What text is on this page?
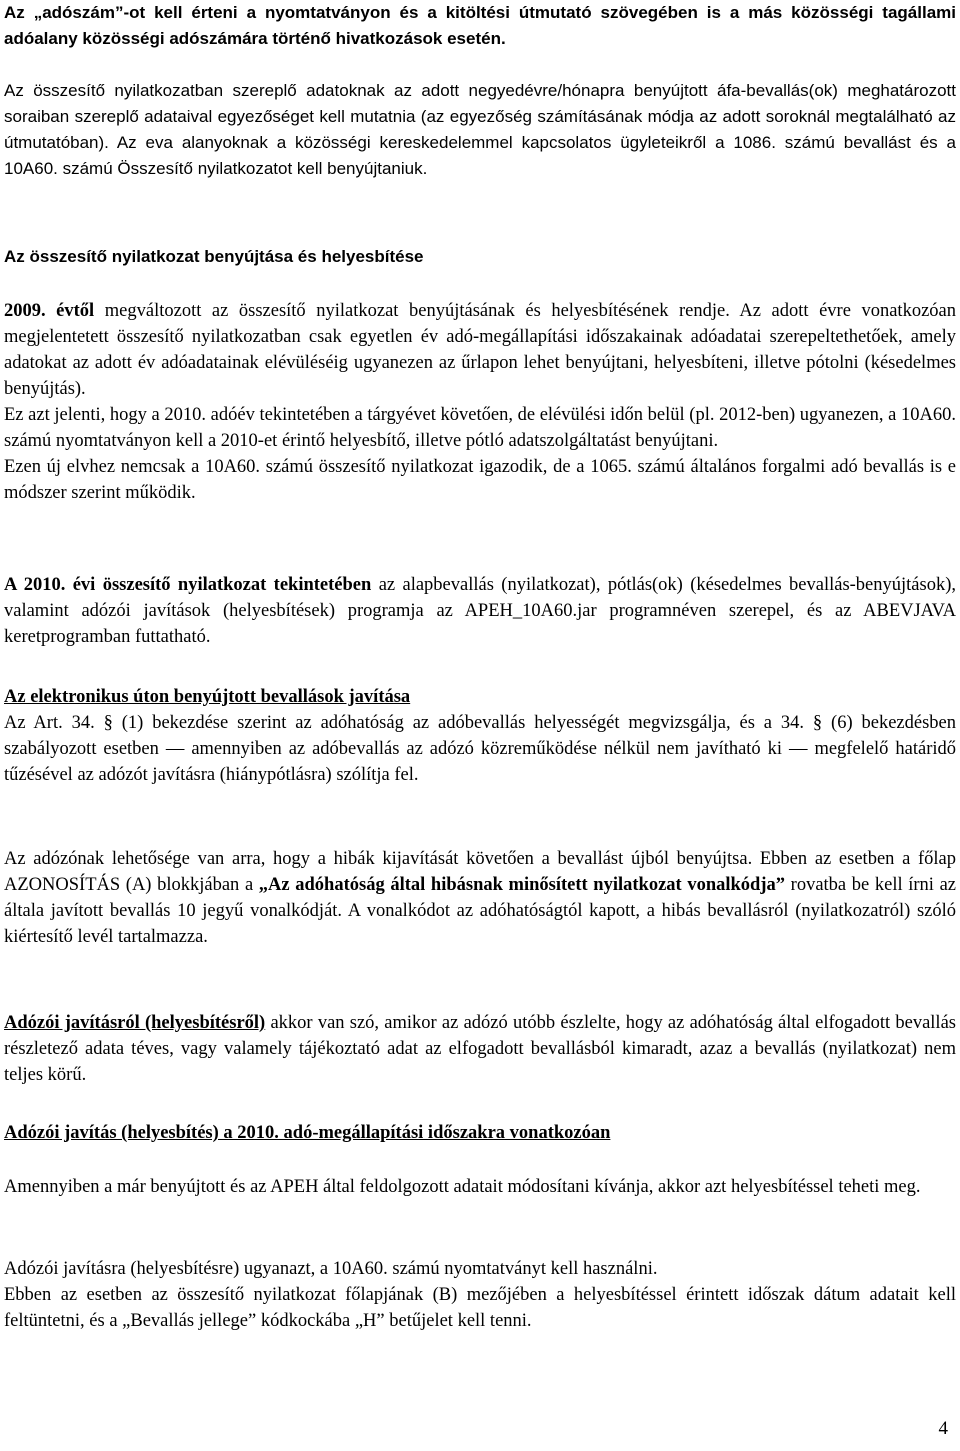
Az „adószám”-ot kell érteni a nyomtatványon és a kitöltési útmutató szövegében is a más közösségi tagállami adóalany közösségi adószámára történő hivatkozások esetén.

Az összesítő nyilatkozatban szereplő adatoknak az adott negyedévre/hónapra benyújtott áfa-bevallás(ok) meghatározott soraiban szereplő adataival egyezőséget kell mutatnia (az egyezőség számításának módja az adott soroknál megtalálható az útmutatóban). Az eva alanyoknak a közösségi kereskedelemmel kapcsolatos ügyleteikről a 1086. számú bevallást és a 10A60. számú Összesítő nyilatkozatot kell benyújtaniuk.

Az összesítő nyilatkozat benyújtása és helyesbítése

2009. évtől megváltozott az összesítő nyilatkozat benyújtásának és helyesbítésének rendje. Az adott évre vonatkozóan megjelentetett összesítő nyilatkozatban csak egyetlen év adó-megállapítási időszakainak adóadatai szerepeltethetőek, amely adatokat az adott év adóadatainak elévüléséig ugyanezen az űrlapon lehet benyújtani, helyesbíteni, illetve pótolni (késedelmes benyújtás).
Ez azt jelenti, hogy a 2010. adóév tekintetében a tárgyévet követően, de elévülési időn belül (pl. 2012-ben) ugyanezen, a 10A60. számú nyomtatványon kell a 2010-et érintő helyesbítő, illetve pótló adatszolgáltatást benyújtani.
Ezen új elvhez nemcsak a 10A60. számú összesítő nyilatkozat igazodik, de a 1065. számú általános forgalmi adó bevallás is e módszer szerint működik.

A 2010. évi összesítő nyilatkozat tekintetében az alapbevallás (nyilatkozat), pótlás(ok) (késedelmes bevallás-benyújtások), valamint adózói javítások (helyesbítések) programja az APEH_10A60.jar programnéven szerepel, és az ABEVJAVA keretprogramban futtatható.

Az elektronikus úton benyújtott bevallások javítása

Az Art. 34. § (1) bekezdése szerint az adóhatóság az adóbevallás helyességét megvizsgálja, és a 34. § (6) bekezdésben szabályozott esetben — amennyiben az adóbevallás az adózó közreműködése nélkül nem javítható ki — megfelelő határidő tűzésével az adózót javításra (hiánypótlásra) szólítja fel.

Az adózónak lehetősége van arra, hogy a hibák kijavítását követően a bevallást újból benyújtsa. Ebben az esetben a főlap AZONOSÍTÁS (A) blokkjában a „Az adóhatóság által hibásnak minősített nyilatkozat vonalkódja” rovatba be kell írni az általa javított bevallás 10 jegyű vonalkódját. A vonalkódot az adóhatóságtól kapott, a hibás bevallásról (nyilatkozatról) szóló kiértesítő levél tartalmazza.

Adózói javításról (helyesbítésről) akkor van szó, amikor az adózó utóbb észlelte, hogy az adóhatóság által elfogadott bevallás részletező adata téves, vagy valamely tájékoztató adat az elfogadott bevallásból kimaradt, azaz a bevallás (nyilatkozat) nem teljes körű.

Adózói javítás (helyesbítés) a 2010. adó-megállapítási időszakra vonatkozóan

Amennyiben a már benyújtott és az APEH által feldolgozott adatait módosítani kívánja, akkor azt helyesbítéssel teheti meg.

Adózói javításra (helyesbítésre) ugyanazt, a 10A60. számú nyomtatványt kell használni.

Ebben az esetben az összesítő nyilatkozat főlapjának (B) mezőjében a helyesbítéssel érintett időszak dátum adatait kell feltüntetni, és a „Bevallás jellege” kódkockába „H” betűjelet kell tenni.

4
